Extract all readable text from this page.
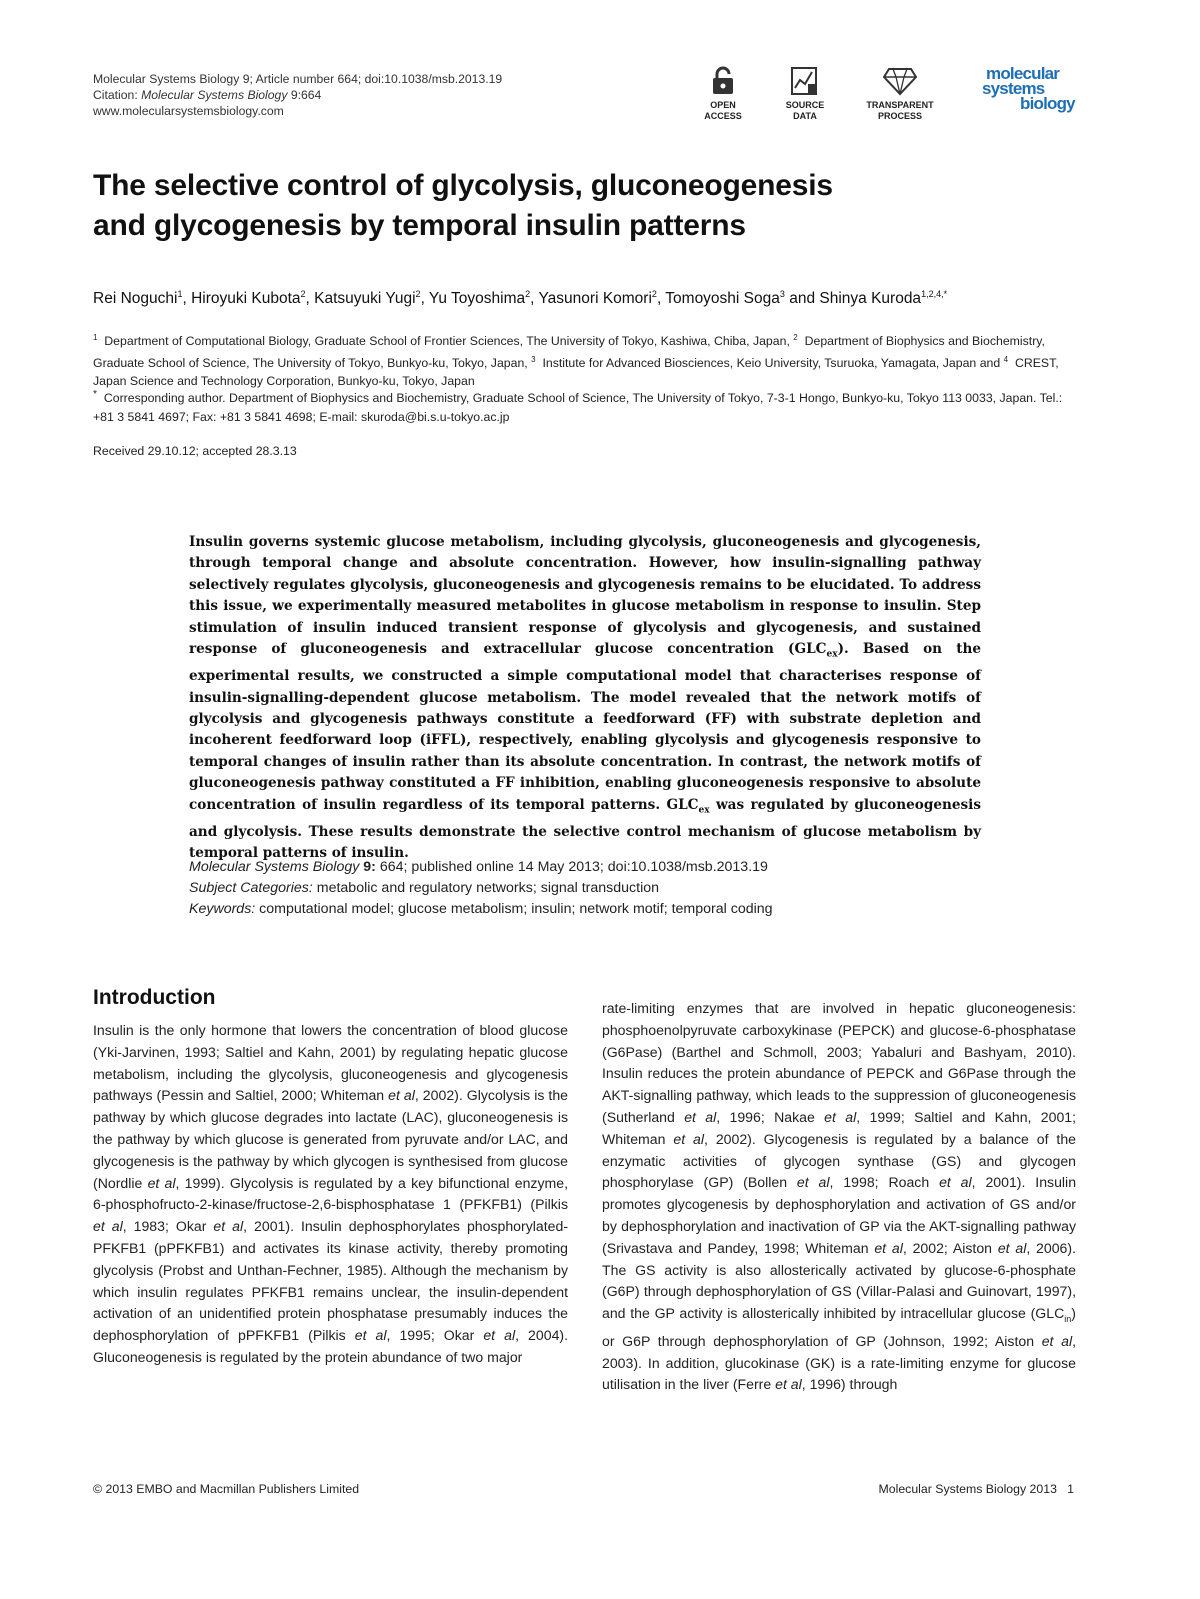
Molecular Systems Biology 9; Article number 664; doi:10.1038/msb.2013.19
Citation: Molecular Systems Biology 9:664
www.molecularsystemsbiology.com	OPEN
ACCESS
SOURCE
DATA
TRANSPARENT
PROCESS
molecular
systems
biology
The selective control of glycolysis, gluconeogenesis
and glycogenesis by temporal insulin patterns
Rei Noguchi$^1$, Hiroyuki Kubota$^2$, Katsuyuki Yugi$^2$, Yu Toyoshima$^2$, Yasunori Komori$^2$, Tomoyoshi Soga$^3$ and Shinya Kuroda$^{1,2,4,*}$
$^1$ Department of Computational Biology, Graduate School of Frontier Sciences, The University of Tokyo, Kashiwa, Chiba, Japan, $^2$ Department of Biophysics and Biochemistry, Graduate School of Science, The University of Tokyo, Bunkyo-ku, Tokyo, Japan, $^3$ Institute for Advanced Biosciences, Keio University, Tsuruoka, Yamagata, Japan and $^4$ CREST, Japan Science and Technology Corporation, Bunkyo-ku, Tokyo, Japan
* Corresponding author. Department of Biophysics and Biochemistry, Graduate School of Science, The University of Tokyo, 7-3-1 Hongo, Bunkyo-ku, Tokyo 113 0033, Japan. Tel.: +81 3 5841 4697; Fax: +81 3 5841 4698; E-mail: skuroda@bi.s.u-tokyo.ac.jp
Received 29.10.12; accepted 28.3.13
Insulin governs systemic glucose metabolism, including glycolysis, gluconeogenesis and glycogenesis, through temporal change and absolute concentration. However, how insulin-signalling pathway selectively regulates glycolysis, gluconeogenesis and glycogenesis remains to be elucidated. To address this issue, we experimentally measured metabolites in glucose metabolism in response to insulin. Step stimulation of insulin induced transient response of glycolysis and glycogenesis, and sustained response of gluconeogenesis and extracellular glucose concentration $(GLC_{ex})$. Based on the experimental results, we constructed a simple computational model that characterises response of insulin-signalling-dependent glucose metabolism. The model revealed that the network motifs of glycolysis and glycogenesis pathways constitute a feedforward (FF) with substrate depletion and incoherent feedforward loop (iFFL), respectively, enabling glycolysis and glycogenesis responsive to temporal changes of insulin rather than its absolute concentration. In contrast, the network motifs of gluconeogenesis pathway constituted a FF inhibition, enabling gluconeogenesis responsive to absolute concentration of insulin regardless of its temporal patterns. $GLC_{ex}$ was regulated by gluconeogenesis and glycolysis. These results demonstrate the selective control mechanism of glucose metabolism by temporal patterns of insulin.
Molecular Systems Biology 9: 664; published online 14 May 2013; doi:10.1038/msb.2013.19
Subject Categories: metabolic and regulatory networks; signal transduction
Keywords: computational model; glucose metabolism; insulin; network motif; temporal coding
Introduction
Insulin is the only hormone that lowers the concentration of blood glucose (Yki-Jarvinen, 1993; Saltiel and Kahn, 2001) by regulating hepatic glucose metabolism, including the glycolysis, gluconeogenesis and glycogenesis pathways (Pessin and Saltiel, 2000; Whiteman et al, 2002). Glycolysis is the pathway by which glucose degrades into lactate (LAC), gluconeogenesis is the pathway by which glucose is generated from pyruvate and/or LAC, and glycogenesis is the pathway by which glycogen is synthesised from glucose (Nordlie et al, 1999). Glycolysis is regulated by a key bifunctional enzyme, 6-phosphofructo-2-kinase/fructose-2,6-bisphosphatase 1 (PFKFB1) (Pilkis et al, 1983; Okar et al, 2001). Insulin dephosphorylates phosphorylated-PFKFB1 (pPFKFB1) and activates its kinase activity, thereby promoting glycolysis (Probst and Unthan-Fechner, 1985). Although the mechanism by which insulin regulates PFKFB1 remains unclear, the insulin-dependent activation of an unidentified protein phosphatase presumably induces the dephosphorylation of pPFKFB1 (Pilkis et al, 1995; Okar et al, 2004). Gluconeogenesis is regulated by the protein abundance of two major
rate-limiting enzymes that are involved in hepatic gluconeogenesis: phosphoenolpyruvate carboxykinase (PEPCK) and glucose-6-phosphatase (G6Pase) (Barthel and Schmoll, 2003; Yabaluri and Bashyam, 2010). Insulin reduces the protein abundance of PEPCK and G6Pase through the AKT-signalling pathway, which leads to the suppression of gluconeogenesis (Sutherland et al, 1996; Nakae et al, 1999; Saltiel and Kahn, 2001; Whiteman et al, 2002). Glycogenesis is regulated by a balance of the enzymatic activities of glycogen synthase (GS) and glycogen phosphorylase (GP) (Bollen et al, 1998; Roach et al, 2001). Insulin promotes glycogenesis by dephosphorylation and activation of GS and/or by dephosphorylation and inactivation of GP via the AKT-signalling pathway (Srivastava and Pandey, 1998; Whiteman et al, 2002; Aiston et al, 2006). The GS activity is also allosterically activated by glucose-6-phosphate (G6P) through dephosphorylation of GS (Villar-Palasi and Guinovart, 1997), and the GP activity is allosterically inhibited by intracellular glucose $(GLC_{in})$ or G6P through dephosphorylation of GP (Johnson, 1992; Aiston et al, 2003). In addition, glucokinase (GK) is a rate-limiting enzyme for glucose utilisation in the liver (Ferre et al, 1996) through
© 2013 EMBO and Macmillan Publishers Limited	Molecular Systems Biology 2013   1
